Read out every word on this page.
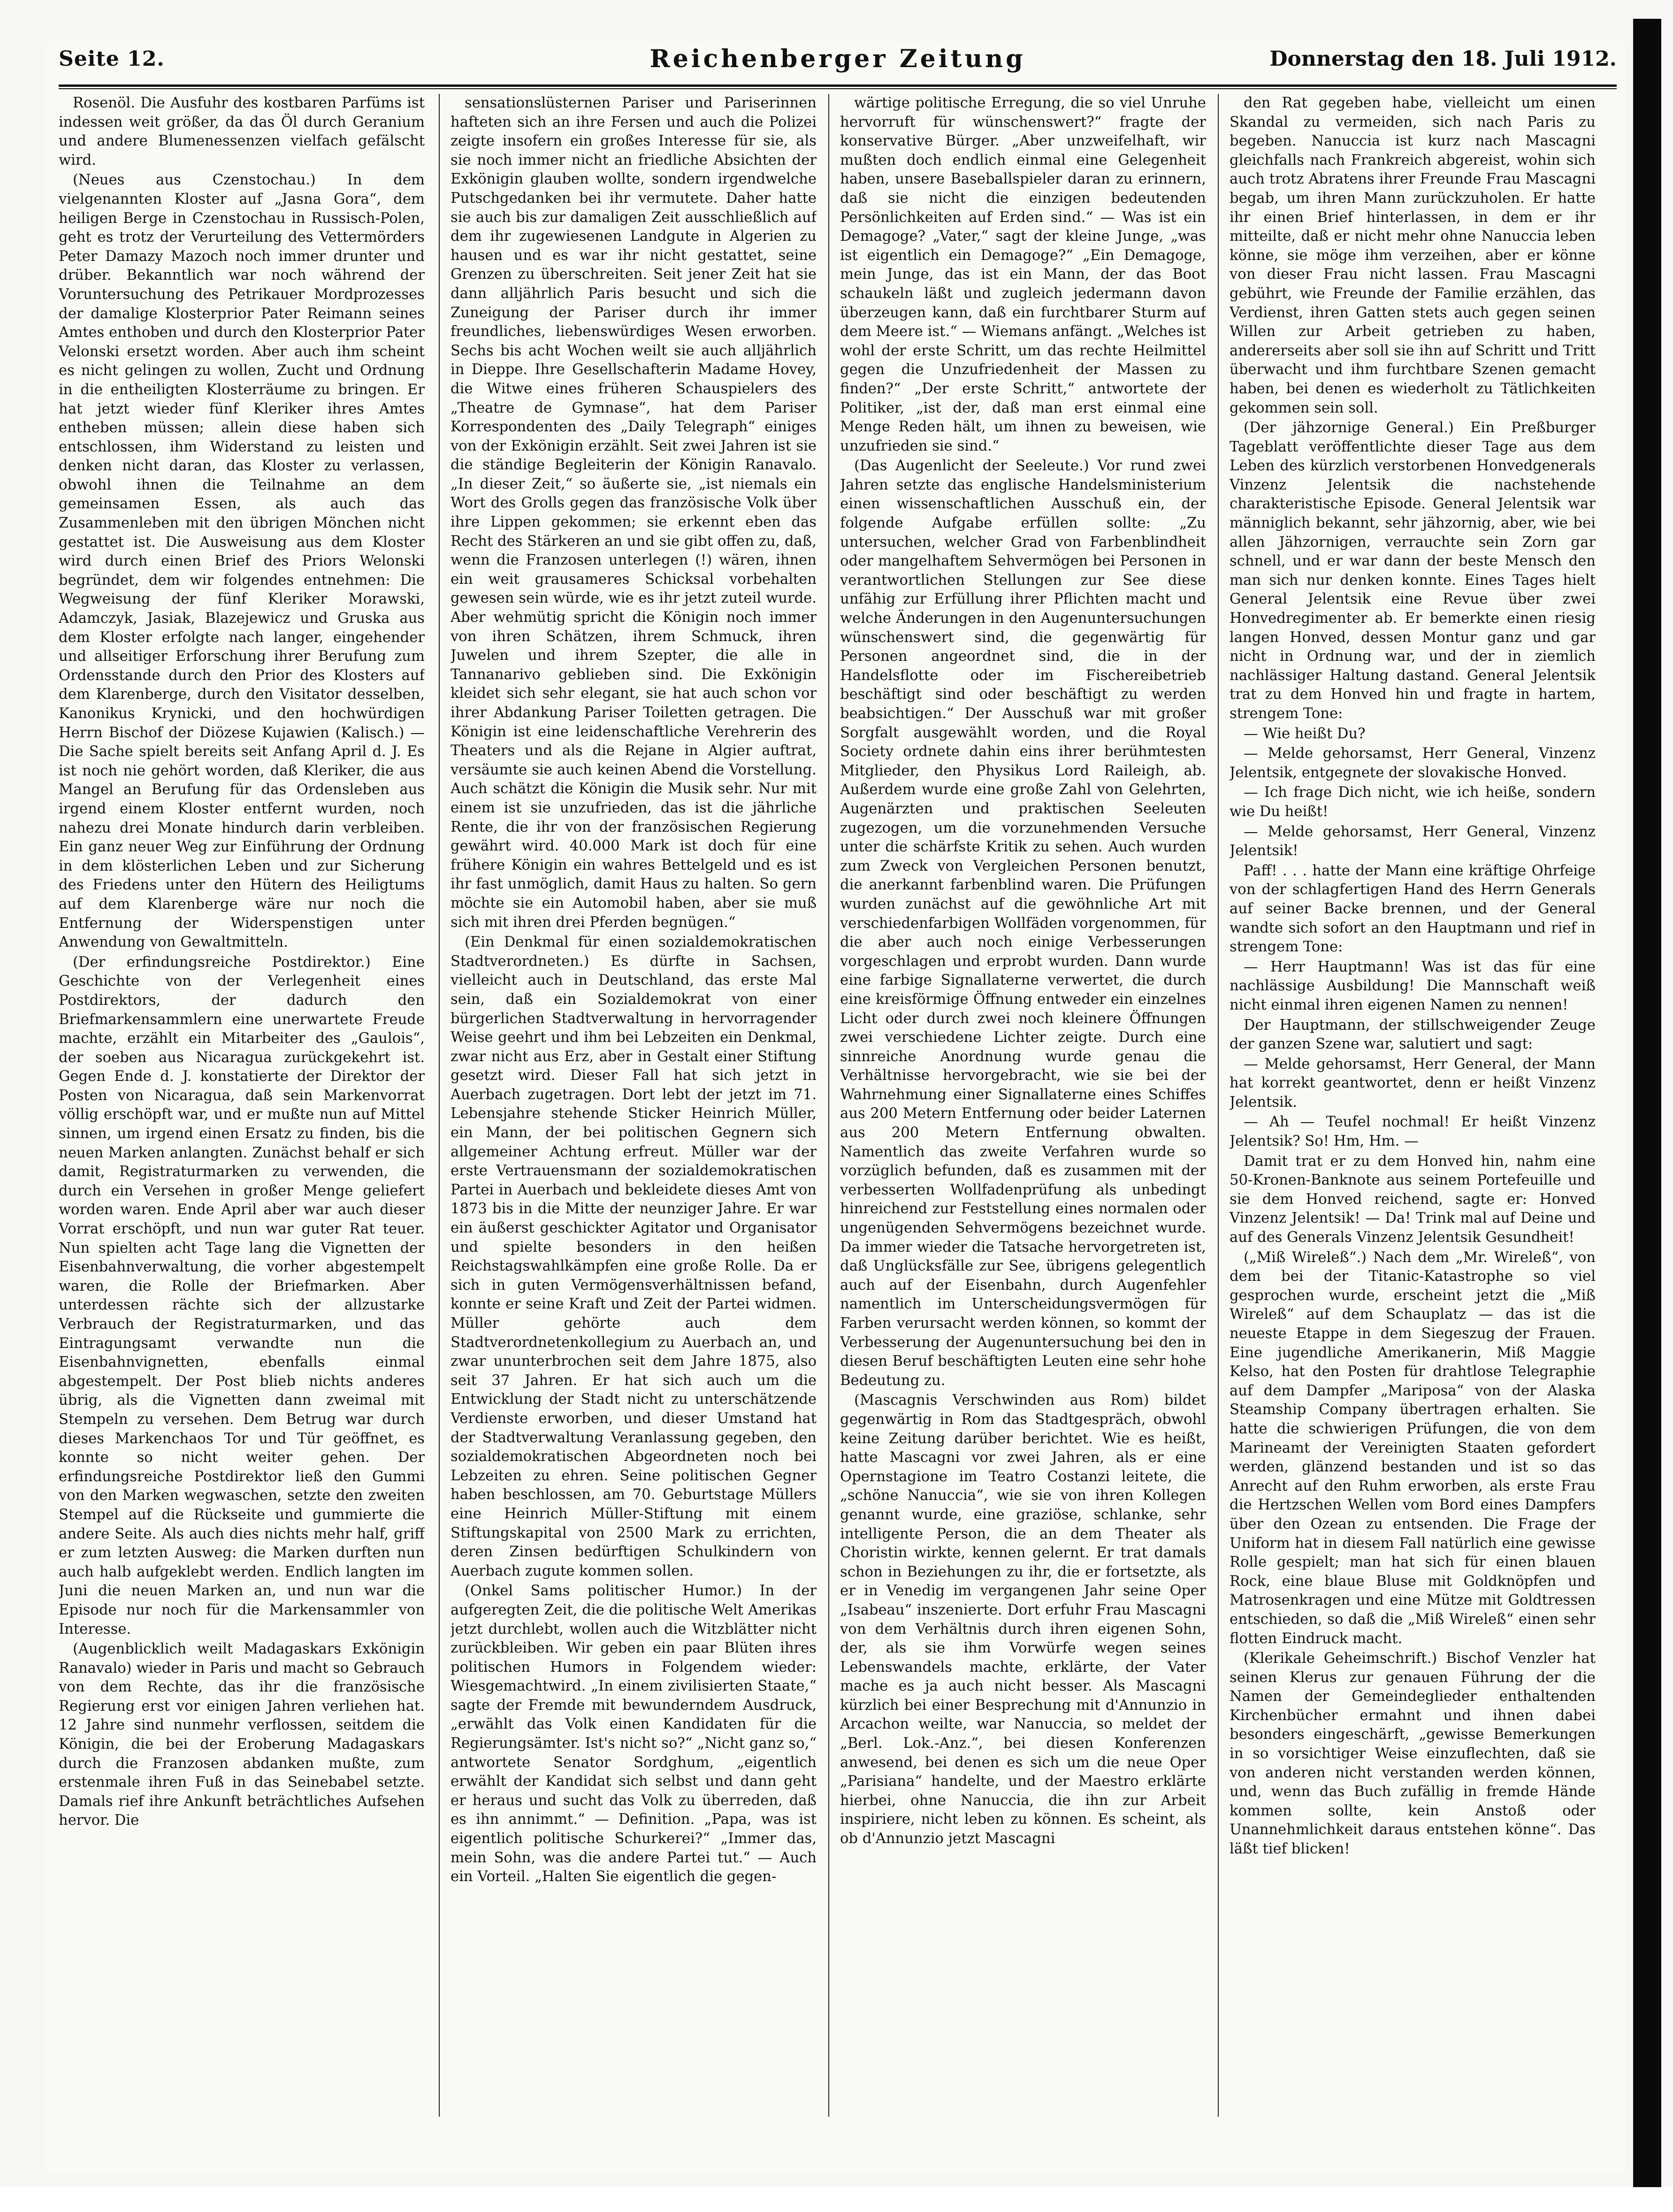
Seite 12.	Reichenberger Zeitung	Donnerstag den 18. Juli 1912.

Rosenöl. Die Ausfuhr des kostbaren Parfüms ist indessen weit größer, da das Öl durch Geranium und andere Blumenessenzen vielfach gefälscht wird.

(Neues aus Czenstochau.) In dem vielgenannten Kloster auf „Jasna Gora“, dem heiligen Berge in Czenstochau in Russisch-Polen, geht es trotz der Verurteilung des Vettermörders Peter Damazy Mazoch noch immer drunter und drüber. Bekanntlich war noch während der Voruntersuchung des Petrikauer Mordprozesses der damalige Klosterprior Pater Reimann seines Amtes enthoben und durch den Klosterprior Pater Velonski ersetzt worden. Aber auch ihm scheint es nicht gelingen zu wollen, Zucht und Ordnung in die entheiligten Klosterräume zu bringen. Er hat jetzt wieder fünf Kleriker ihres Amtes entheben müssen; allein diese haben sich entschlossen, ihm Widerstand zu leisten und denken nicht daran, das Kloster zu verlassen, obwohl ihnen die Teilnahme an dem gemeinsamen Essen, als auch das Zusammenleben mit den übrigen Mönchen nicht gestattet ist. Die Ausweisung aus dem Kloster wird durch einen Brief des Priors Welonski begründet, dem wir folgendes entnehmen: Die Wegweisung der fünf Kleriker Morawski, Adamczyk, Jasiak, Blazejewicz und Gruska aus dem Kloster erfolgte nach langer, eingehender und allseitiger Erforschung ihrer Berufung zum Ordensstande durch den Prior des Klosters auf dem Klarenberge, durch den Visitator desselben, Kanonikus Krynicki, und den hochwürdigen Herrn Bischof der Diözese Kujawien (Kalisch.) — Die Sache spielt bereits seit Anfang April d. J. Es ist noch nie gehört worden, daß Kleriker, die aus Mangel an Berufung für das Ordensleben aus irgend einem Kloster entfernt wurden, noch nahezu drei Monate hindurch darin verbleiben. Ein ganz neuer Weg zur Einführung der Ordnung in dem klösterlichen Leben und zur Sicherung des Friedens unter den Hütern des Heiligtums auf dem Klarenberge wäre nur noch die Entfernung der Widerspenstigen unter Anwendung von Gewaltmitteln.

(Der erfindungsreiche Postdirektor.) Eine Geschichte von der Verlegenheit eines Postdirektors, der dadurch den Briefmarkensammlern eine unerwartete Freude machte, erzählt ein Mitarbeiter des „Gaulois“, der soeben aus Nicaragua zurückgekehrt ist. Gegen Ende d. J. konstatierte der Direktor der Posten von Nicaragua, daß sein Markenvorrat völlig erschöpft war, und er mußte nun auf Mittel sinnen, um irgend einen Ersatz zu finden, bis die neuen Marken anlangten. Zunächst behalf er sich damit, Registraturmarken zu verwenden, die durch ein Versehen in großer Menge geliefert worden waren. Ende April aber war auch dieser Vorrat erschöpft, und nun war guter Rat teuer. Nun spielten acht Tage lang die Vignetten der Eisenbahnverwaltung, die vorher abgestempelt waren, die Rolle der Briefmarken. Aber unterdessen rächte sich der allzustarke Verbrauch der Registraturmarken, und das Eintragungsamt verwandte nun die Eisenbahnvignetten, ebenfalls einmal abgestempelt. Der Post blieb nichts anderes übrig, als die Vignetten dann zweimal mit Stempeln zu versehen. Dem Betrug war durch dieses Markenchaos Tor und Tür geöffnet, es konnte so nicht weiter gehen. Der erfindungsreiche Postdirektor ließ den Gummi von den Marken wegwaschen, setzte den zweiten Stempel auf die Rückseite und gummierte die andere Seite. Als auch dies nichts mehr half, griff er zum letzten Ausweg: die Marken durften nun auch halb aufgeklebt werden. Endlich langten im Juni die neuen Marken an, und nun war die Episode nur noch für die Markensammler von Interesse.

(Augenblicklich weilt Madagaskars Exkönigin Ranavalo) wieder in Paris und macht so Gebrauch von dem Rechte, das ihr die französische Regierung erst vor einigen Jahren verliehen hat. 12 Jahre sind nunmehr verflossen, seitdem die Königin, die bei der Eroberung Madagaskars durch die Franzosen abdanken mußte, zum erstenmale ihren Fuß in das Seinebabel setzte. Damals rief ihre Ankunft beträchtliches Aufsehen hervor. Die

sensationslüsternen Pariser und Pariserinnen hafteten sich an ihre Fersen und auch die Polizei zeigte insofern ein großes Interesse für sie, als sie noch immer nicht an friedliche Absichten der Exkönigin glauben wollte, sondern irgendwelche Putschgedanken bei ihr vermutete. Daher hatte sie auch bis zur damaligen Zeit ausschließlich auf dem ihr zugewiesenen Landgute in Algerien zu hausen und es war ihr nicht gestattet, seine Grenzen zu überschreiten. Seit jener Zeit hat sie dann alljährlich Paris besucht und sich die Zuneigung der Pariser durch ihr immer freundliches, liebenswürdiges Wesen erworben. Sechs bis acht Wochen weilt sie auch alljährlich in Dieppe. Ihre Gesellschafterin Madame Hovey, die Witwe eines früheren Schauspielers des „Theatre de Gymnase“, hat dem Pariser Korrespondenten des „Daily Telegraph“ einiges von der Exkönigin erzählt. Seit zwei Jahren ist sie die ständige Begleiterin der Königin Ranavalo. „In dieser Zeit,“ so äußerte sie, „ist niemals ein Wort des Grolls gegen das französische Volk über ihre Lippen gekommen; sie erkennt eben das Recht des Stärkeren an und sie gibt offen zu, daß, wenn die Franzosen unterlegen (!) wären, ihnen ein weit grausameres Schicksal vorbehalten gewesen sein würde, wie es ihr jetzt zuteil wurde. Aber wehmütig spricht die Königin noch immer von ihren Schätzen, ihrem Schmuck, ihren Juwelen und ihrem Szepter, die alle in Tannanarivo geblieben sind. Die Exkönigin kleidet sich sehr elegant, sie hat auch schon vor ihrer Abdankung Pariser Toiletten getragen. Die Königin ist eine leidenschaftliche Verehrerin des Theaters und als die Rejane in Algier auftrat, versäumte sie auch keinen Abend die Vorstellung. Auch schätzt die Königin die Musik sehr. Nur mit einem ist sie unzufrieden, das ist die jährliche Rente, die ihr von der französischen Regierung gewährt wird. 40.000 Mark ist doch für eine frühere Königin ein wahres Bettelgeld und es ist ihr fast unmöglich, damit Haus zu halten. So gern möchte sie ein Automobil haben, aber sie muß sich mit ihren drei Pferden begnügen.“

(Ein Denkmal für einen sozialdemokratischen Stadtverordneten.) Es dürfte in Sachsen, vielleicht auch in Deutschland, das erste Mal sein, daß ein Sozialdemokrat von einer bürgerlichen Stadtverwaltung in hervorragender Weise geehrt und ihm bei Lebzeiten ein Denkmal, zwar nicht aus Erz, aber in Gestalt einer Stiftung gesetzt wird. Dieser Fall hat sich jetzt in Auerbach zugetragen. Dort lebt der jetzt im 71. Lebensjahre stehende Sticker Heinrich Müller, ein Mann, der bei politischen Gegnern sich allgemeiner Achtung erfreut. Müller war der erste Vertrauensmann der sozialdemokratischen Partei in Auerbach und bekleidete dieses Amt von 1873 bis in die Mitte der neunziger Jahre. Er war ein äußerst geschickter Agitator und Organisator und spielte besonders in den heißen Reichstagswahlkämpfen eine große Rolle. Da er sich in guten Vermögensverhältnissen befand, konnte er seine Kraft und Zeit der Partei widmen. Müller gehörte auch dem Stadtverordnetenkollegium zu Auerbach an, und zwar ununterbrochen seit dem Jahre 1875, also seit 37 Jahren. Er hat sich auch um die Entwicklung der Stadt nicht zu unterschätzende Verdienste erworben, und dieser Umstand hat der Stadtverwaltung Veranlassung gegeben, den sozialdemokratischen Abgeordneten noch bei Lebzeiten zu ehren. Seine politischen Gegner haben beschlossen, am 70. Geburtstage Müllers eine Heinrich Müller-Stiftung mit einem Stiftungskapital von 2500 Mark zu errichten, deren Zinsen bedürftigen Schulkindern von Auerbach zugute kommen sollen.

(Onkel Sams politischer Humor.) In der aufgeregten Zeit, die die politische Welt Amerikas jetzt durchlebt, wollen auch die Witzblätter nicht zurückbleiben. Wir geben ein paar Blüten ihres politischen Humors in Folgendem wieder: Wiesgemachtwird. „In einem zivilisierten Staate,“ sagte der Fremde mit bewunderndem Ausdruck, „erwählt das Volk einen Kandidaten für die Regierungsämter. Ist's nicht so?“ „Nicht ganz so,“ antwortete Senator Sordghum, „eigentlich erwählt der Kandidat sich selbst und dann geht er heraus und sucht das Volk zu überreden, daß es ihn annimmt.“ — Definition. „Papa, was ist eigentlich politische Schurkerei?“ „Immer das, mein Sohn, was die andere Partei tut.“ — Auch ein Vorteil. „Halten Sie eigentlich die gegen-

wärtige politische Erregung, die so viel Unruhe hervorruft für wünschenswert?“ fragte der konservative Bürger. „Aber unzweifelhaft, wir mußten doch endlich einmal eine Gelegenheit haben, unsere Baseballspieler daran zu erinnern, daß sie nicht die einzigen bedeutenden Persönlichkeiten auf Erden sind.“ — Was ist ein Demagoge? „Vater,“ sagt der kleine Junge, „was ist eigentlich ein Demagoge?“ „Ein Demagoge, mein Junge, das ist ein Mann, der das Boot schaukeln läßt und zugleich jedermann davon überzeugen kann, daß ein furchtbarer Sturm auf dem Meere ist.“ — Wiemans anfängt. „Welches ist wohl der erste Schritt, um das rechte Heilmittel gegen die Unzufriedenheit der Massen zu finden?“ „Der erste Schritt,“ antwortete der Politiker, „ist der, daß man erst einmal eine Menge Reden hält, um ihnen zu beweisen, wie unzufrieden sie sind.“

(Das Augenlicht der Seeleute.) Vor rund zwei Jahren setzte das englische Handelsministerium einen wissenschaftlichen Ausschuß ein, der folgende Aufgabe erfüllen sollte: „Zu untersuchen, welcher Grad von Farbenblindheit oder mangelhaftem Sehvermögen bei Personen in verantwortlichen Stellungen zur See diese unfähig zur Erfüllung ihrer Pflichten macht und welche Änderungen in den Augenuntersuchungen wünschenswert sind, die gegenwärtig für Personen angeordnet sind, die in der Handelsflotte oder im Fischereibetrieb beschäftigt sind oder beschäftigt zu werden beabsichtigen.“ Der Ausschuß war mit großer Sorgfalt ausgewählt worden, und die Royal Society ordnete dahin eins ihrer berühmtesten Mitglieder, den Physikus Lord Raileigh, ab. Außerdem wurde eine große Zahl von Gelehrten, Augenärzten und praktischen Seeleuten zugezogen, um die vorzunehmenden Versuche unter die schärfste Kritik zu sehen. Auch wurden zum Zweck von Vergleichen Personen benutzt, die anerkannt farbenblind waren. Die Prüfungen wurden zunächst auf die gewöhnliche Art mit verschiedenfarbigen Wollfäden vorgenommen, für die aber auch noch einige Verbesserungen vorgeschlagen und erprobt wurden. Dann wurde eine farbige Signallaterne verwertet, die durch eine kreisförmige Öffnung entweder ein einzelnes Licht oder durch zwei noch kleinere Öffnungen zwei verschiedene Lichter zeigte. Durch eine sinnreiche Anordnung wurde genau die Verhältnisse hervorgebracht, wie sie bei der Wahrnehmung einer Signallaterne eines Schiffes aus 200 Metern Entfernung oder beider Laternen aus 200 Metern Entfernung obwalten. Namentlich das zweite Verfahren wurde so vorzüglich befunden, daß es zusammen mit der verbesserten Wollfadenprüfung als unbedingt hinreichend zur Feststellung eines normalen oder ungenügenden Sehvermögens bezeichnet wurde. Da immer wieder die Tatsache hervorgetreten ist, daß Unglücksfälle zur See, übrigens gelegentlich auch auf der Eisenbahn, durch Augenfehler namentlich im Unterscheidungsvermögen für Farben verursacht werden können, so kommt der Verbesserung der Augenuntersuchung bei den in diesen Beruf beschäftigten Leuten eine sehr hohe Bedeutung zu.

(Mascagnis Verschwinden aus Rom) bildet gegenwärtig in Rom das Stadtgespräch, obwohl keine Zeitung darüber berichtet. Wie es heißt, hatte Mascagni vor zwei Jahren, als er eine Opernstagione im Teatro Costanzi leitete, die „schöne Nanuccia“, wie sie von ihren Kollegen genannt wurde, eine graziöse, schlanke, sehr intelligente Person, die an dem Theater als Choristin wirkte, kennen gelernt. Er trat damals schon in Beziehungen zu ihr, die er fortsetzte, als er in Venedig im vergangenen Jahr seine Oper „Isabeau“ inszenierte. Dort erfuhr Frau Mascagni von dem Verhältnis durch ihren eigenen Sohn, der, als sie ihm Vorwürfe wegen seines Lebenswandels machte, erklärte, der Vater mache es ja auch nicht besser. Als Mascagni kürzlich bei einer Besprechung mit d'Annunzio in Arcachon weilte, war Nanuccia, so meldet der „Berl. Lok.-Anz.“, bei diesen Konferenzen anwesend, bei denen es sich um die neue Oper „Parisiana“ handelte, und der Maestro erklärte hierbei, ohne Nanuccia, die ihn zur Arbeit inspiriere, nicht leben zu können. Es scheint, als ob d'Annunzio jetzt Mascagni

den Rat gegeben habe, vielleicht um einen Skandal zu vermeiden, sich nach Paris zu begeben. Nanuccia ist kurz nach Mascagni gleichfalls nach Frankreich abgereist, wohin sich auch trotz Abratens ihrer Freunde Frau Mascagni begab, um ihren Mann zurückzuholen. Er hatte ihr einen Brief hinterlassen, in dem er ihr mitteilte, daß er nicht mehr ohne Nanuccia leben könne, sie möge ihm verzeihen, aber er könne von dieser Frau nicht lassen. Frau Mascagni gebührt, wie Freunde der Familie erzählen, das Verdienst, ihren Gatten stets auch gegen seinen Willen zur Arbeit getrieben zu haben, andererseits aber soll sie ihn auf Schritt und Tritt überwacht und ihm furchtbare Szenen gemacht haben, bei denen es wiederholt zu Tätlichkeiten gekommen sein soll.

(Der jähzornige General.) Ein Preßburger Tageblatt veröffentlichte dieser Tage aus dem Leben des kürzlich verstorbenen Honvedgenerals Vinzenz Jelentsik die nachstehende charakteristische Episode. General Jelentsik war männiglich bekannt, sehr jähzornig, aber, wie bei allen Jähzornigen, verrauchte sein Zorn gar schnell, und er war dann der beste Mensch den man sich nur denken konnte. Eines Tages hielt General Jelentsik eine Revue über zwei Honvedregimenter ab. Er bemerkte einen riesig langen Honved, dessen Montur ganz und gar nicht in Ordnung war, und der in ziemlich nachlässiger Haltung dastand. General Jelentsik trat zu dem Honved hin und fragte in hartem, strengem Tone:

— Wie heißt Du?

— Melde gehorsamst, Herr General, Vinzenz Jelentsik, entgegnete der slovakische Honved.

— Ich frage Dich nicht, wie ich heiße, sondern wie Du heißt!

— Melde gehorsamst, Herr General, Vinzenz Jelentsik!

Paff! . . . hatte der Mann eine kräftige Ohrfeige von der schlagfertigen Hand des Herrn Generals auf seiner Backe brennen, und der General wandte sich sofort an den Hauptmann und rief in strengem Tone:

— Herr Hauptmann! Was ist das für eine nachlässige Ausbildung! Die Mannschaft weiß nicht einmal ihren eigenen Namen zu nennen!

Der Hauptmann, der stillschweigender Zeuge der ganzen Szene war, salutiert und sagt:

— Melde gehorsamst, Herr General, der Mann hat korrekt geantwortet, denn er heißt Vinzenz Jelentsik.

— Ah — Teufel nochmal! Er heißt Vinzenz Jelentsik? So! Hm, Hm. —

Damit trat er zu dem Honved hin, nahm eine 50-Kronen-Banknote aus seinem Portefeuille und sie dem Honved reichend, sagte er: Honved Vinzenz Jelentsik! — Da! Trink mal auf Deine und auf des Generals Vinzenz Jelentsik Gesundheit!

(„Miß Wireleß“.) Nach dem „Mr. Wireleß“, von dem bei der Titanic-Katastrophe so viel gesprochen wurde, erscheint jetzt die „Miß Wireleß“ auf dem Schauplatz — das ist die neueste Etappe in dem Siegeszug der Frauen. Eine jugendliche Amerikanerin, Miß Maggie Kelso, hat den Posten für drahtlose Telegraphie auf dem Dampfer „Mariposa“ von der Alaska Steamship Company übertragen erhalten. Sie hatte die schwierigen Prüfungen, die von dem Marineamt der Vereinigten Staaten gefordert werden, glänzend bestanden und ist so das Anrecht auf den Ruhm erworben, als erste Frau die Hertzschen Wellen vom Bord eines Dampfers über den Ozean zu entsenden. Die Frage der Uniform hat in diesem Fall natürlich eine gewisse Rolle gespielt; man hat sich für einen blauen Rock, eine blaue Bluse mit Goldknöpfen und Matrosenkragen und eine Mütze mit Goldtressen entschieden, so daß die „Miß Wireleß“ einen sehr flotten Eindruck macht.

(Klerikale Geheimschrift.) Bischof Venzler hat seinen Klerus zur genauen Führung der die Namen der Gemeindeglieder enthaltenden Kirchenbücher ermahnt und ihnen dabei besonders eingeschärft, „gewisse Bemerkungen in so vorsichtiger Weise einzuflechten, daß sie von anderen nicht verstanden werden können, und, wenn das Buch zufällig in fremde Hände kommen sollte, kein Anstoß oder Unannehmlichkeit daraus entstehen könne“. Das läßt tief blicken!
